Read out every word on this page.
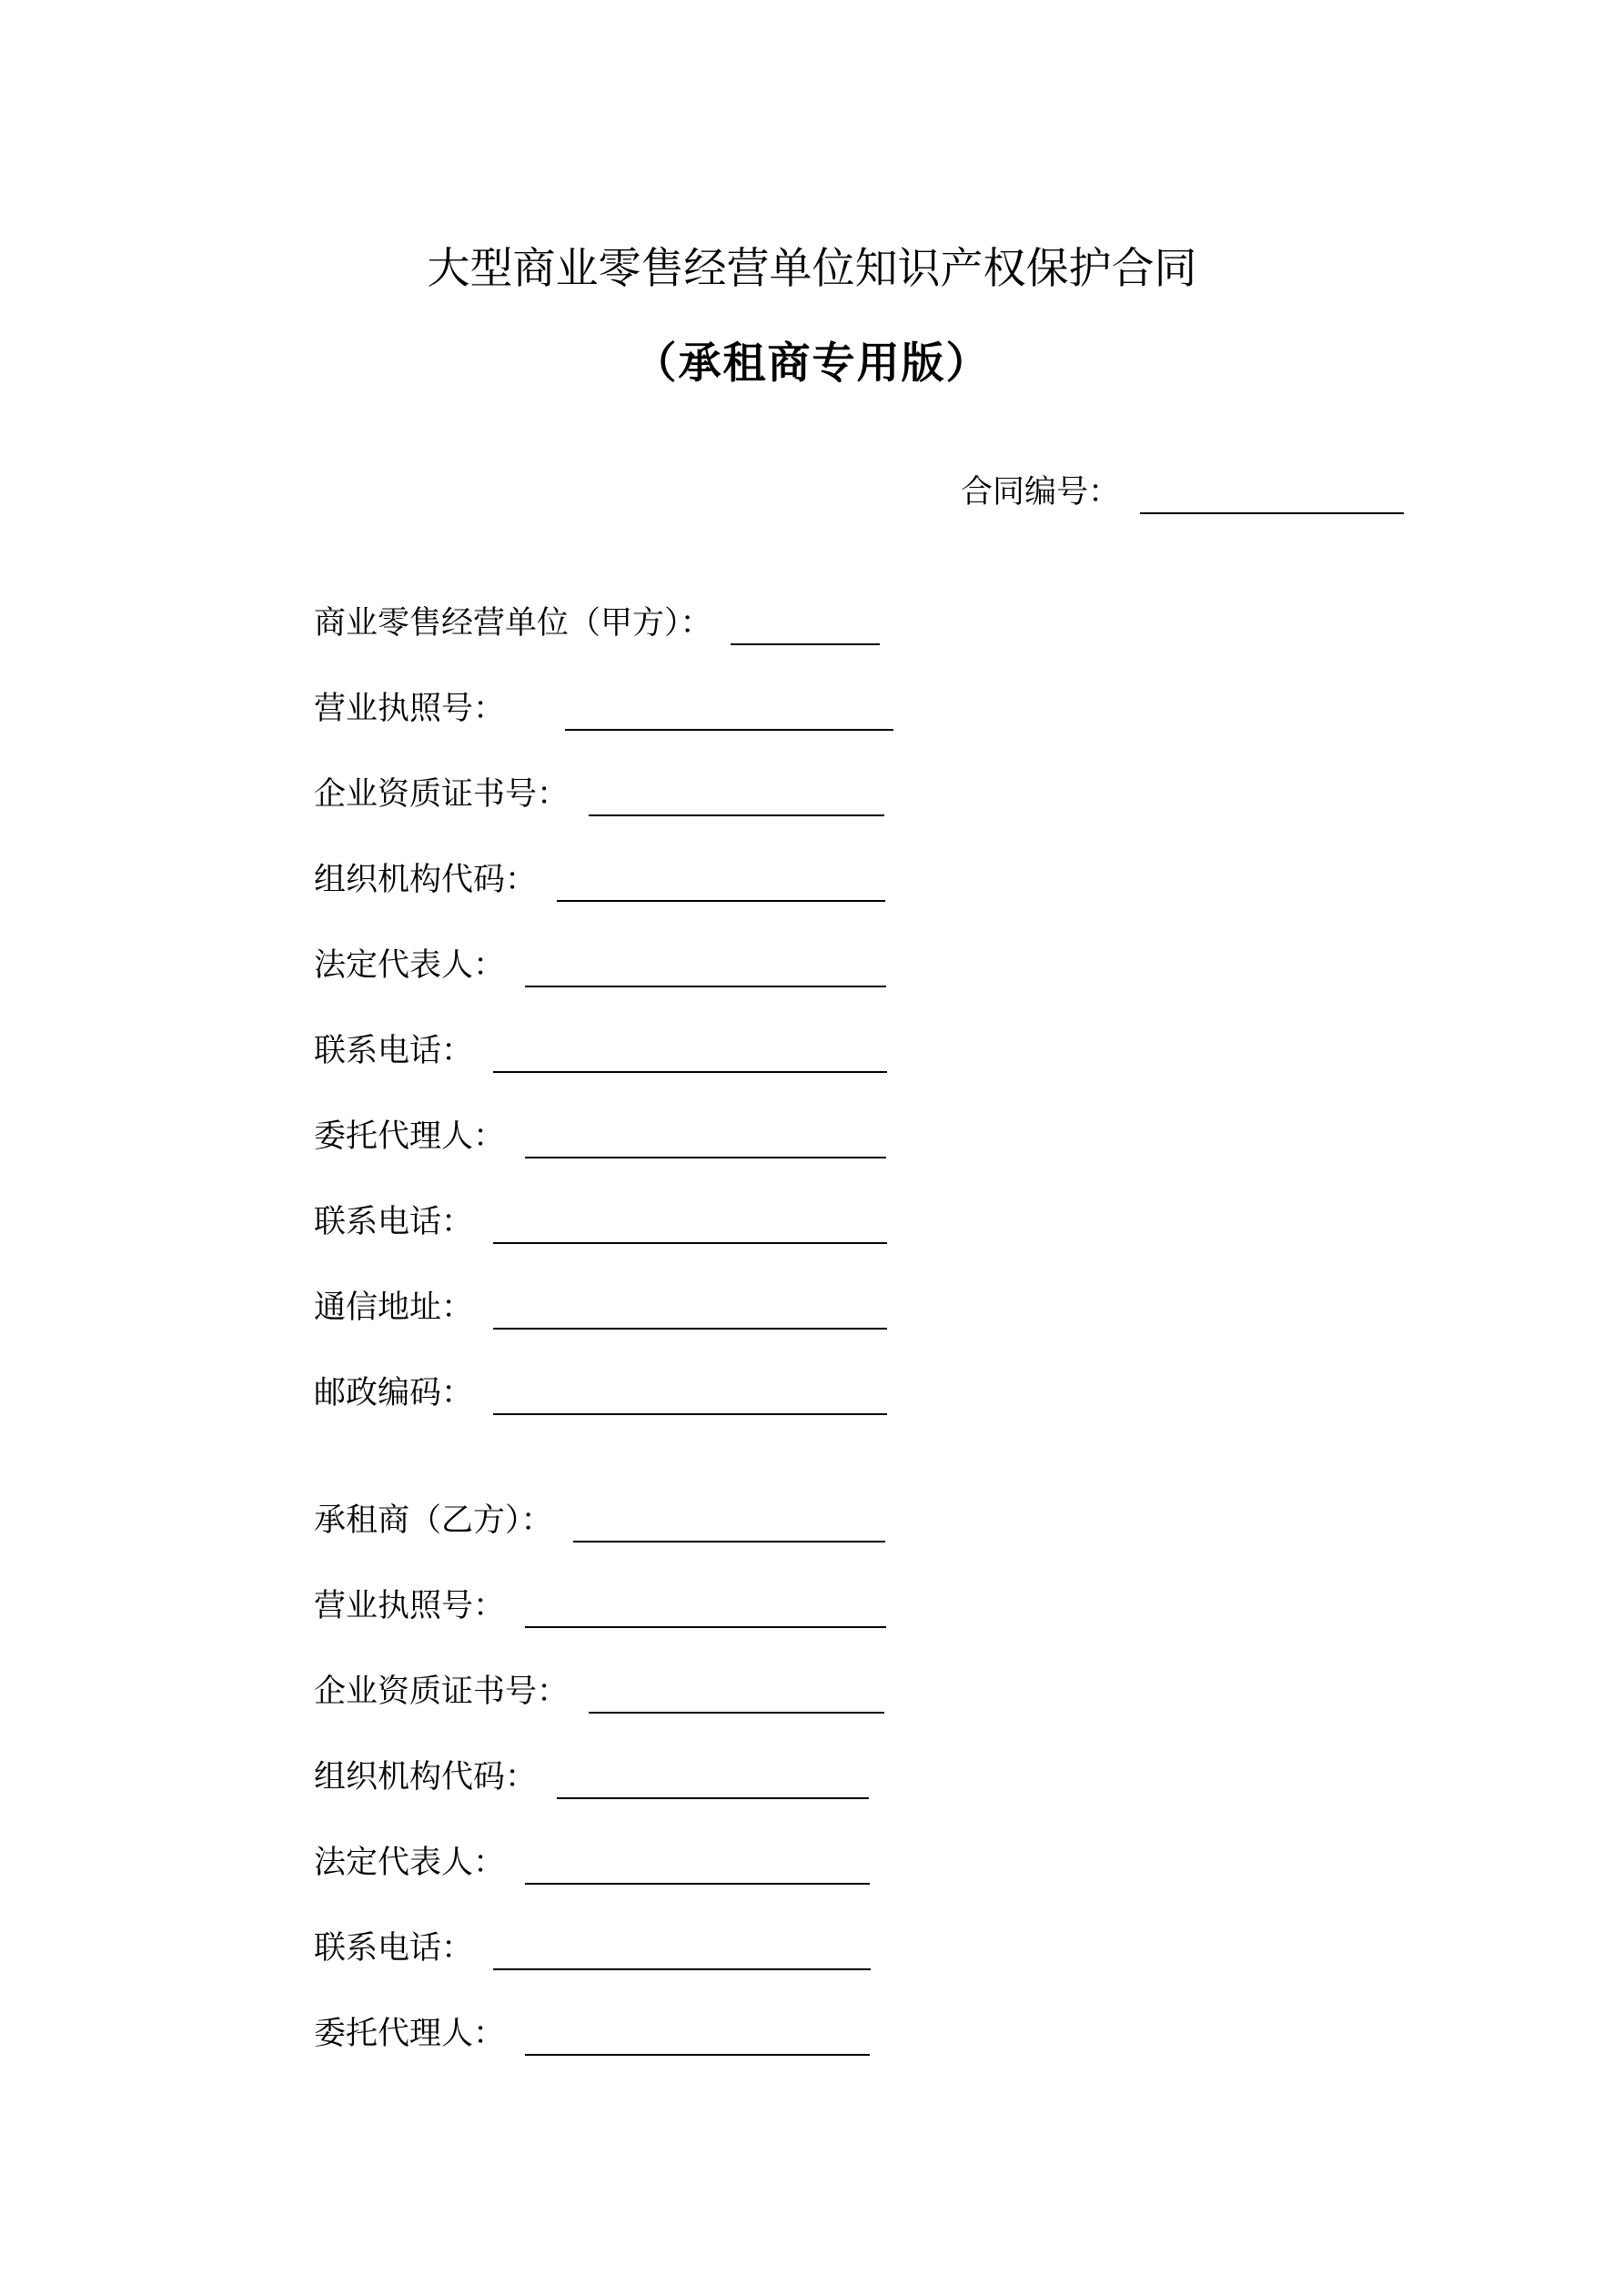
大型商业零售经营单位知识产权保护合同
（承租商专用版）
合同编号：
商业零售经营单位（甲方）：
营业执照号：
企业资质证书号：
组织机构代码：
法定代表人：
联系电话：
委托代理人：
联系电话：
通信地址：
邮政编码：
承租商（乙方）：
营业执照号：
企业资质证书号：
组织机构代码：
法定代表人：
联系电话：
委托代理人：
